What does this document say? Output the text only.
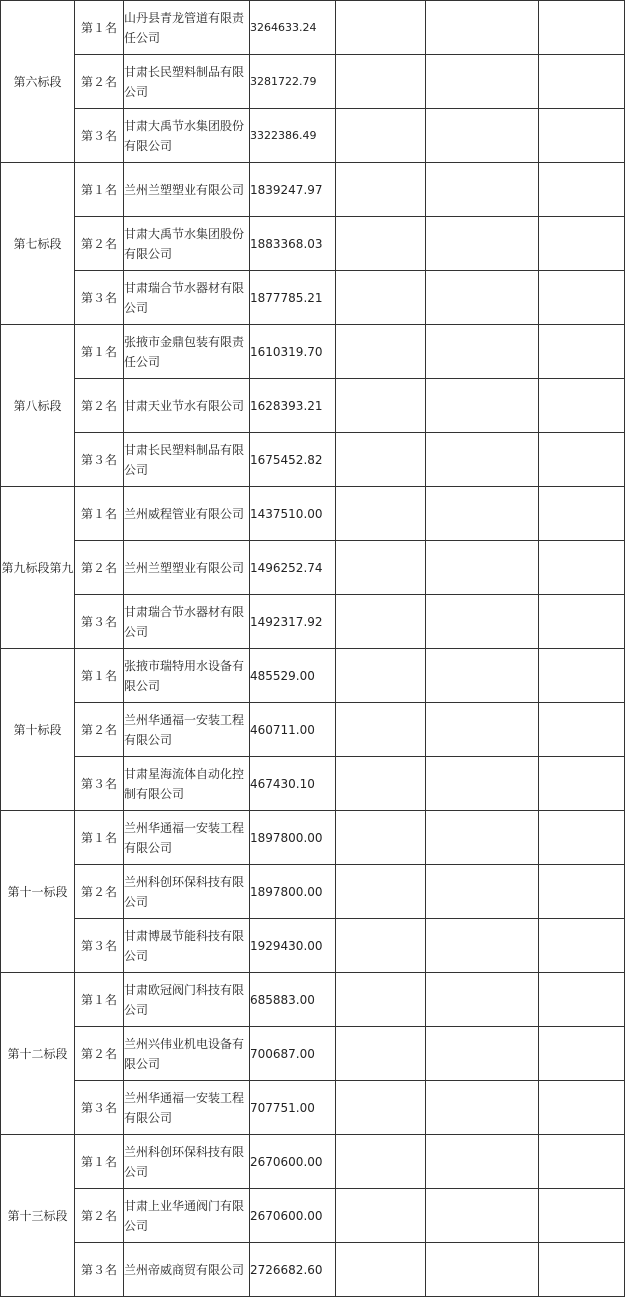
第六标段	第１名	山丹县青龙管道有限责任公司	3264633.24			
	第２名	甘肃长民塑料制品有限公司	3281722.79			
	第３名	甘肃大禹节水集团股份有限公司	3322386.49			
第七标段	第１名	兰州兰塑塑业有限公司	1839247.97			
	第２名	甘肃大禹节水集团股份有限公司	1883368.03			
	第３名	甘肃瑞合节水器材有限公司	1877785.21			
第八标段	第１名	张掖市金鼎包装有限责任公司	1610319.70			
	第２名	甘肃天业节水有限公司	1628393.21			
	第３名	甘肃长民塑料制品有限公司	1675452.82			
第九标段第九	第１名	兰州威程管业有限公司	1437510.00			
	第２名	兰州兰塑塑业有限公司	1496252.74			
	第３名	甘肃瑞合节水器材有限公司	1492317.92			
第十标段	第１名	张掖市瑞特用水设备有限公司	485529.00			
	第２名	兰州华通福一安装工程有限公司	460711.00			
	第３名	甘肃星海流体自动化控制有限公司	467430.10			
第十一标段	第１名	兰州华通福一安装工程有限公司	1897800.00			
	第２名	兰州科创环保科技有限公司	1897800.00			
	第３名	甘肃博晟节能科技有限公司	1929430.00			
第十二标段	第１名	甘肃欧冠阀门科技有限公司	685883.00			
	第２名	兰州兴伟业机电设备有限公司	700687.00			
	第３名	兰州华通福一安装工程有限公司	707751.00			
第十三标段	第１名	兰州科创环保科技有限公司	2670600.00			
	第２名	甘肃上业华通阀门有限公司	2670600.00			
	第３名	兰州帝威商贸有限公司	2726682.60			
